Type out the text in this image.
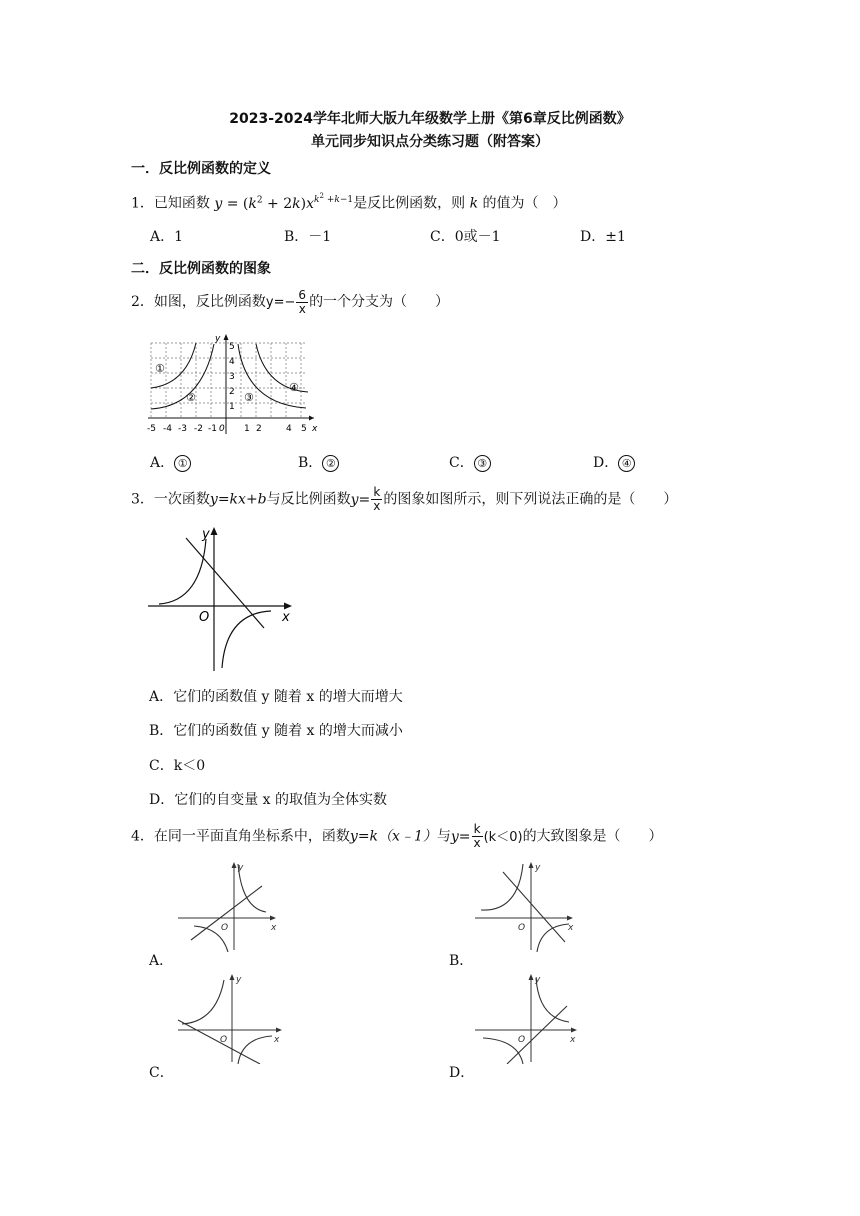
2023-2024学年北师大版九年级数学上册《第6章反比例函数》
单元同步知识点分类练习题（附答案）
一．反比例函数的定义
1．已知函数 $y = (k^2 + 2k)x^{k^2 +k-1}$是反比例函数，则 k 的值为（　）
A．1	B．－1	C．0或－1	D．±1
二．反比例函数的图象
2．如图，反比例函数$y=- \frac{6}{x}$ 的一个分支为（　　）
①
②	③
④
5
4
3
2
1
-5 -4 -3 -2 -1 0 1 2	4 5 x
y
A． ①	B． ②	C． ③	D． ④
3．一次函数y=kx+b与反比例函数$y= \frac{k}{x}$ 的图象如图所示，则下列说法正确的是（　　）
y
x
O
A．它们的函数值 y 随着 x 的增大而增大
B．它们的函数值 y 随着 x 的增大而减小
C．k＜0
D．它们的自变量 x 的取值为全体实数
4．在同一平面直角坐标系中，函数y=k（x﹣1）与$y= \frac{k}{x} (k<0)$的大致图象是（　　）
y
x
O
A．
y
x
O
B．
y
x
O
C．
y
x
O
D．
